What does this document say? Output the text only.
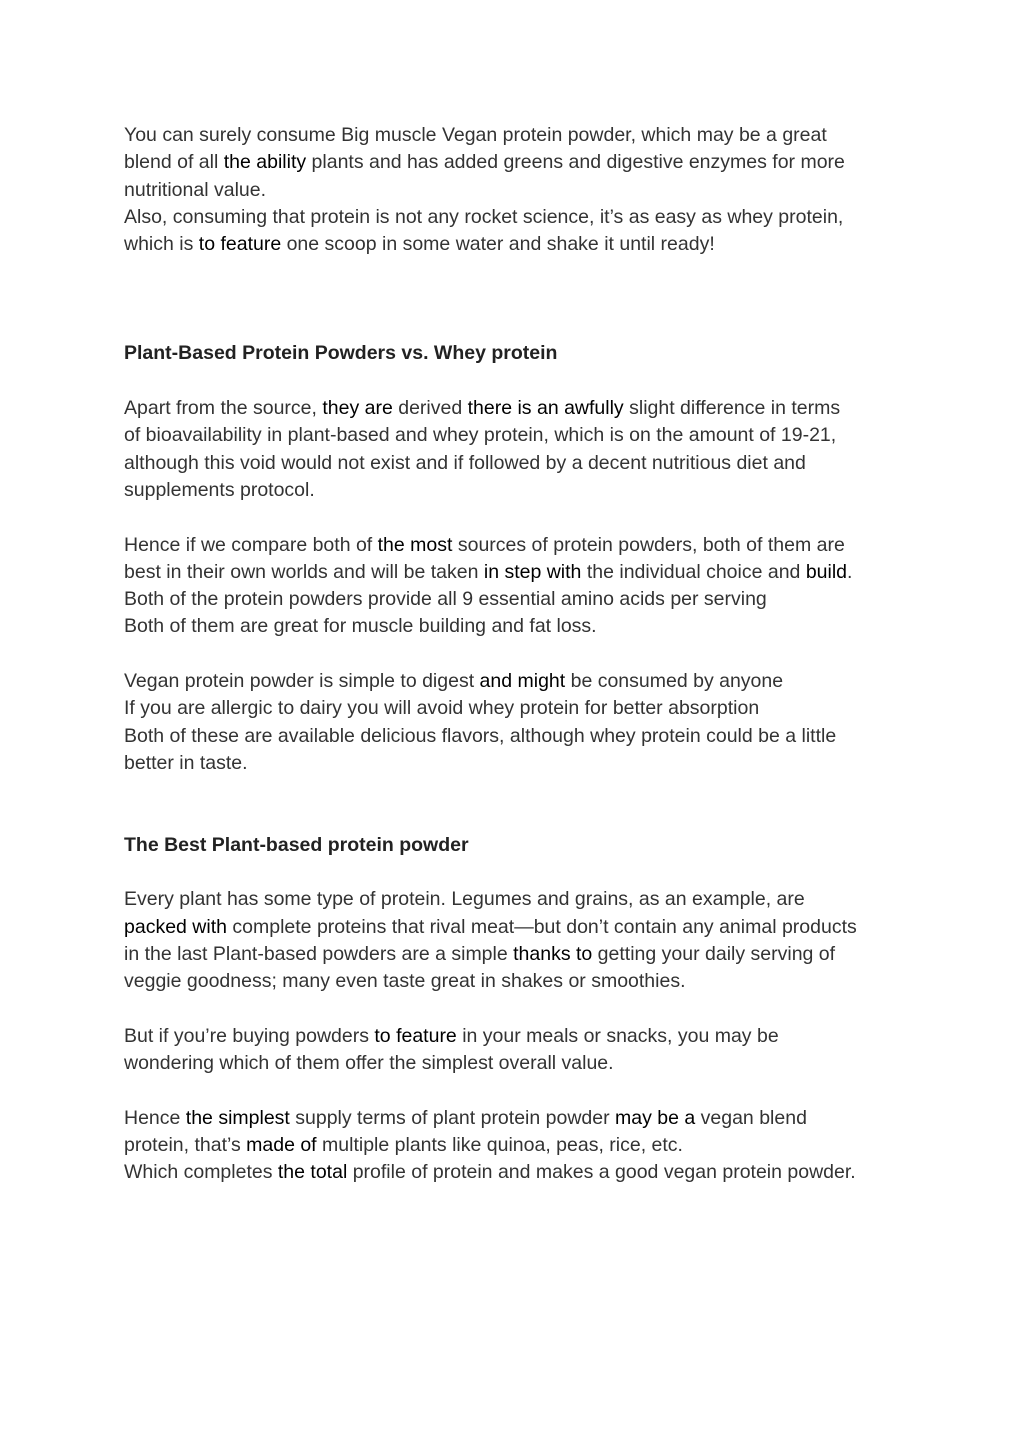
You can surely consume Big muscle Vegan protein powder, which may be a great
blend of all the ability plants and has added greens and digestive enzymes for more
nutritional value.
Also, consuming that protein is not any rocket science, it’s as easy as whey protein,
which is to feature one scoop in some water and shake it until ready!

Plant-Based Protein Powders vs. Whey protein

Apart from the source, they are derived there is an awfully slight difference in terms
of bioavailability in plant-based and whey protein, which is on the amount of 19-21,
although this void would not exist and if followed by a decent nutritious diet and
supplements protocol.

Hence if we compare both of the most sources of protein powders, both of them are
best in their own worlds and will be taken in step with the individual choice and build.
Both of the protein powders provide all 9 essential amino acids per serving
Both of them are great for muscle building and fat loss.

Vegan protein powder is simple to digest and might be consumed by anyone
If you are allergic to dairy you will avoid whey protein for better absorption
Both of these are available delicious flavors, although whey protein could be a little
better in taste.

The Best Plant-based protein powder

Every plant has some type of protein. Legumes and grains, as an example, are
packed with complete proteins that rival meat—but don’t contain any animal products
in the last Plant-based powders are a simple thanks to getting your daily serving of
veggie goodness; many even taste great in shakes or smoothies.

But if you’re buying powders to feature in your meals or snacks, you may be
wondering which of them offer the simplest overall value.

Hence the simplest supply terms of plant protein powder may be a vegan blend
protein, that’s made of multiple plants like quinoa, peas, rice, etc.
Which completes the total profile of protein and makes a good vegan protein powder.
